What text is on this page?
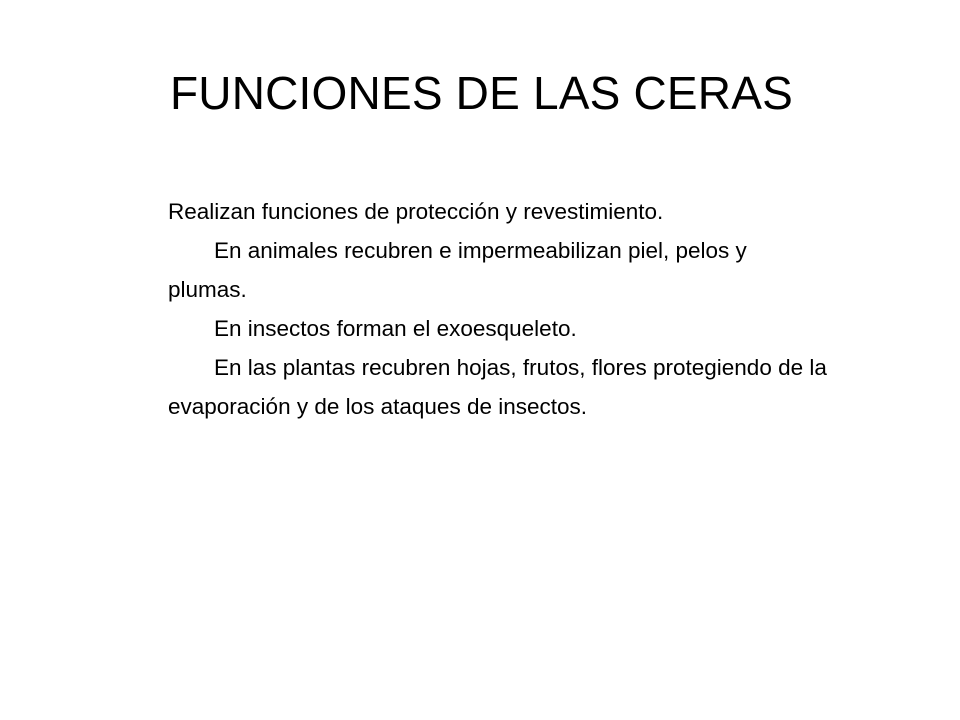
FUNCIONES DE LAS CERAS

Realizan funciones de protección y revestimiento.

En animales recubren e impermeabilizan piel, pelos y plumas.

En insectos forman el exoesqueleto.

En las plantas recubren hojas, frutos, flores protegiendo de la evaporación y de los ataques de insectos.
